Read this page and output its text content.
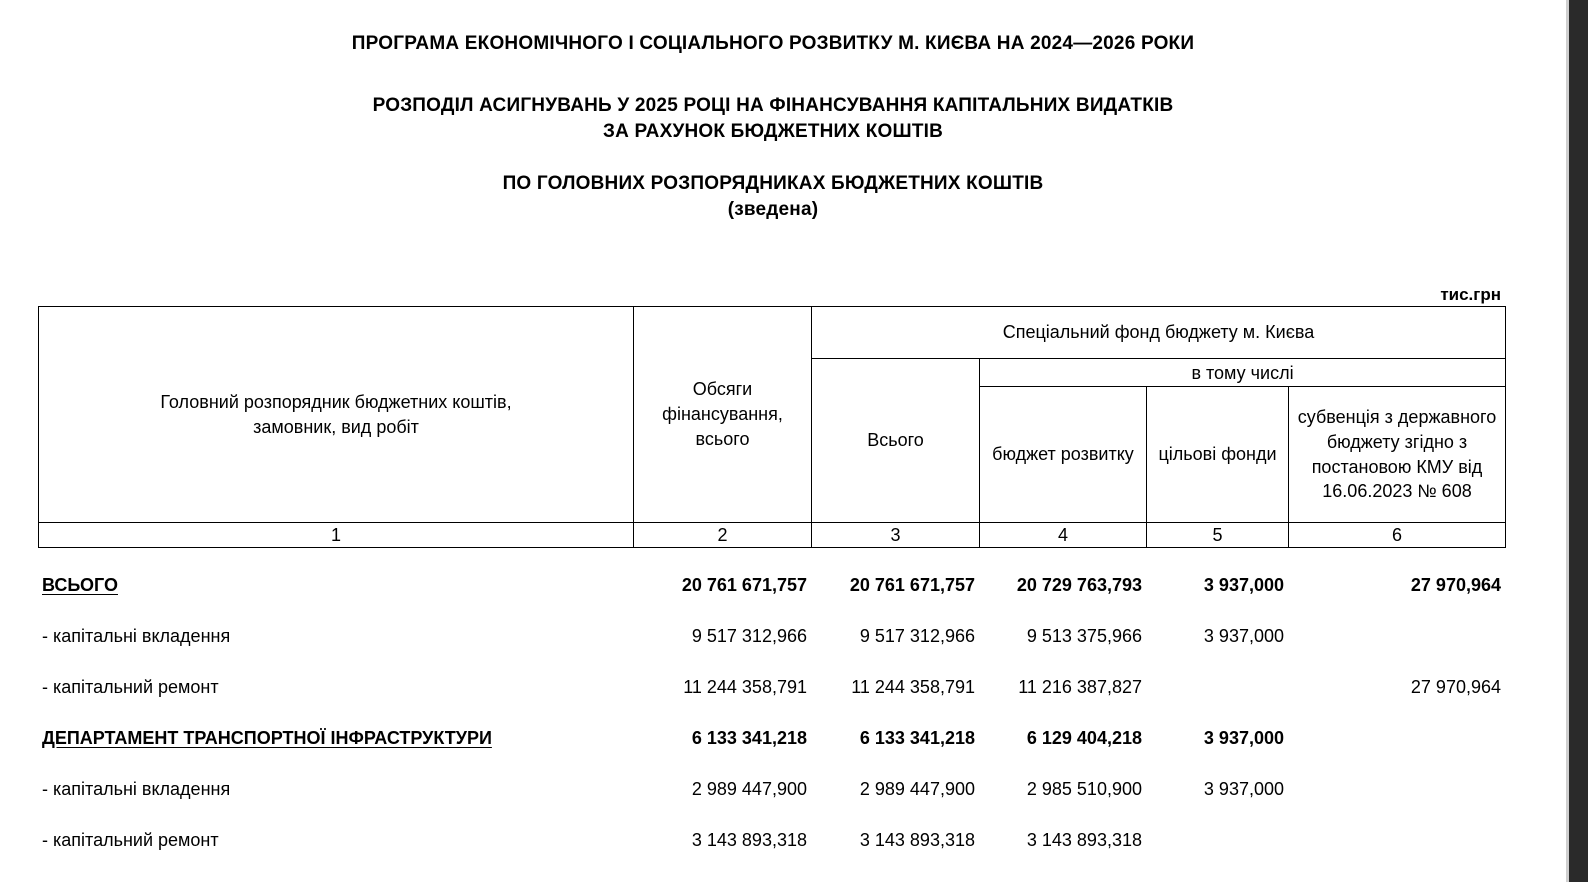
ПРОГРАМА ЕКОНОМІЧНОГО І СОЦІАЛЬНОГО РОЗВИТКУ М. КИЄВА НА 2024—2026 РОКИ
РОЗПОДІЛ АСИГНУВАНЬ У 2025 РОЦІ НА ФІНАНСУВАННЯ КАПІТАЛЬНИХ ВИДАТКІВ
ЗА РАХУНОК БЮДЖЕТНИХ КОШТІВ
ПО ГОЛОВНИХ РОЗПОРЯДНИКАХ БЮДЖЕТНИХ КОШТІВ
(зведена)
тис.грн
Головний розпорядник бюджетних коштів, замовник, вид робіт	Обсяги фінансування, всього	Спеціальний фонд бюджету м. Києва			
		Всього	в тому числі		
			бюджет розвитку	цільові фонди	субвенція з державного бюджету згідно з постановою КМУ від 16.06.2023 № 608
1	2	3	4	5	6
ВСЬОГО	20 761 671,757	20 761 671,757	20 729 763,793	3 937,000	27 970,964
- капітальні вкладення	9 517 312,966	9 517 312,966	9 513 375,966	3 937,000	
- капітальний ремонт	11 244 358,791	11 244 358,791	11 216 387,827		27 970,964
ДЕПАРТАМЕНТ ТРАНСПОРТНОЇ ІНФРАСТРУКТУРИ	6 133 341,218	6 133 341,218	6 129 404,218	3 937,000	
- капітальні вкладення	2 989 447,900	2 989 447,900	2 985 510,900	3 937,000	
- капітальний ремонт	3 143 893,318	3 143 893,318	3 143 893,318		
